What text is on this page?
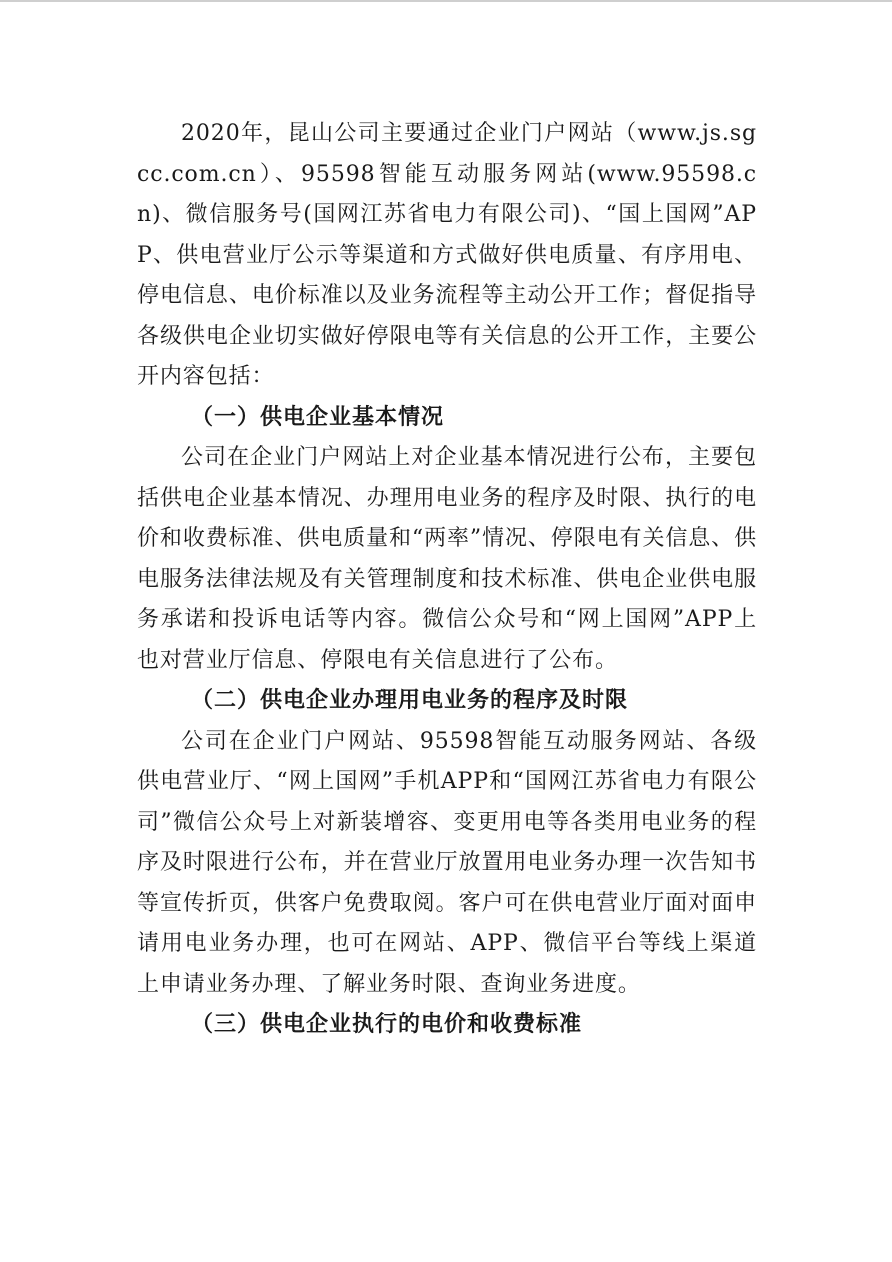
2020年，昆山公司主要通过企业门户网站（www.js.sgcc.com.cn）、95598智能互动服务网站(www.95598.cn)、微信服务号(国网江苏省电力有限公司)、“国上国网”APP、供电营业厅公示等渠道和方式做好供电质量、有序用电、停电信息、电价标准以及业务流程等主动公开工作；督促指导各级供电企业切实做好停限电等有关信息的公开工作，主要公开内容包括：

（一）供电企业基本情况

公司在企业门户网站上对企业基本情况进行公布，主要包括供电企业基本情况、办理用电业务的程序及时限、执行的电价和收费标准、供电质量和“两率”情况、停限电有关信息、供电服务法律法规及有关管理制度和技术标准、供电企业供电服务承诺和投诉电话等内容。微信公众号和“网上国网”APP上也对营业厅信息、停限电有关信息进行了公布。

（二）供电企业办理用电业务的程序及时限

公司在企业门户网站、95598智能互动服务网站、各级供电营业厅、“网上国网”手机APP和“国网江苏省电力有限公司”微信公众号上对新装增容、变更用电等各类用电业务的程序及时限进行公布，并在营业厅放置用电业务办理一次告知书等宣传折页，供客户免费取阅。客户可在供电营业厅面对面申请用电业务办理，也可在网站、APP、微信平台等线上渠道上申请业务办理、了解业务时限、查询业务进度。

（三）供电企业执行的电价和收费标准
